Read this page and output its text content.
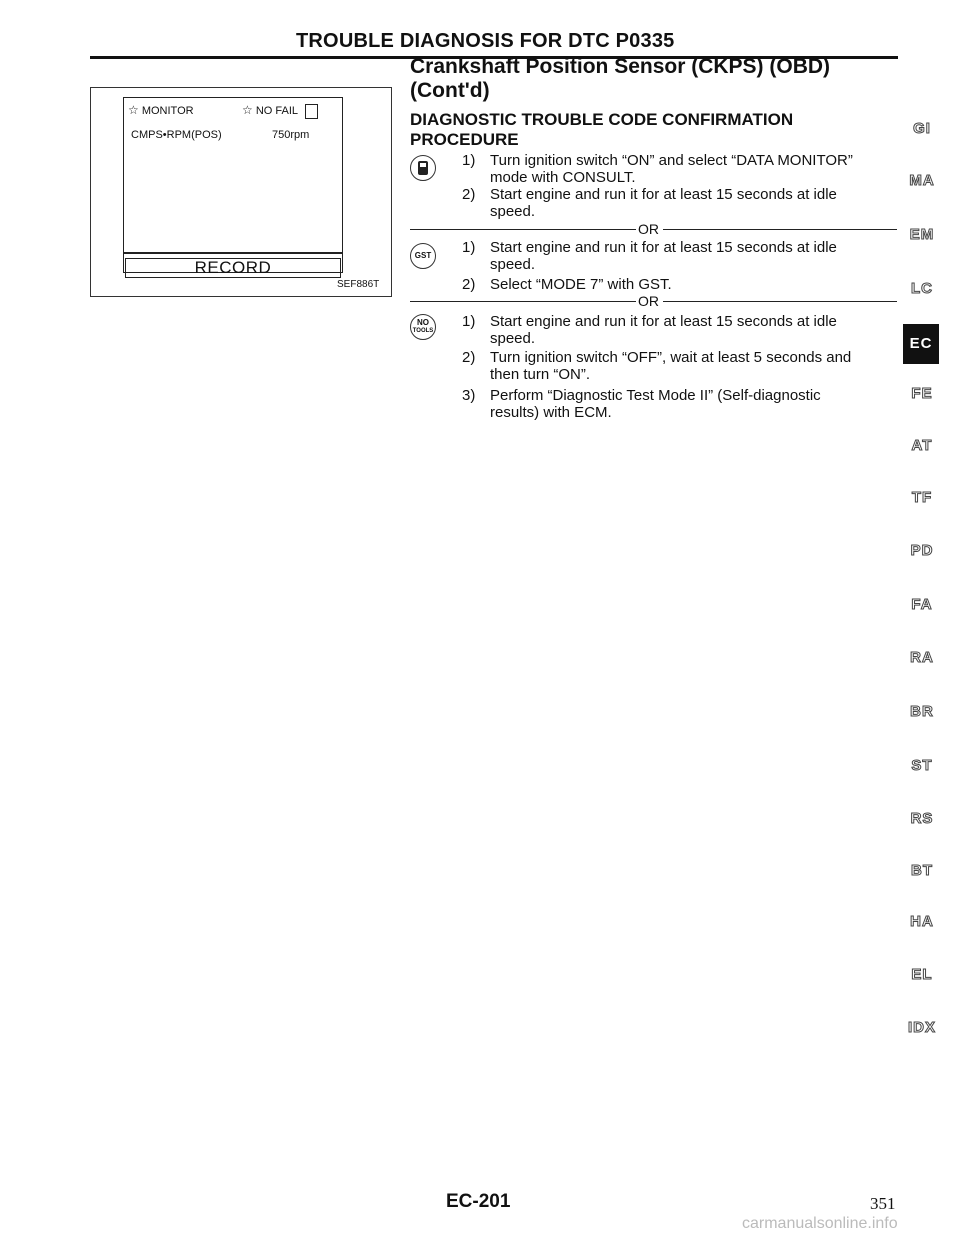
TROUBLE DIAGNOSIS FOR DTC P0335
Crankshaft Position Sensor (CKPS) (OBD)
(Cont'd)
DIAGNOSTIC TROUBLE CODE CONFIRMATION
PROCEDURE
☆ MONITOR	☆ NO FAIL
CMPS•RPM(POS)	750rpm
RECORD
SEF886T
1) Turn ignition switch “ON” and select “DATA MONITOR”
mode with CONSULT.
2) Start engine and run it for at least 15 seconds at idle
speed.
OR
GST	1) Start engine and run it for at least 15 seconds at idle
speed.
2) Select “MODE 7” with GST.
OR
NO
TOOLS
1) Start engine and run it for at least 15 seconds at idle
speed.
2) Turn ignition switch “OFF”, wait at least 5 seconds and
then turn “ON”.
3) Perform “Diagnostic Test Mode II” (Self-diagnostic
results) with ECM.
GI
MA
EM
LC
EC
FE
AT
TF
PD
FA
RA
BR
ST
RS
BT
HA
EL
IDX
EC-201	351
carmanualsonline.info
